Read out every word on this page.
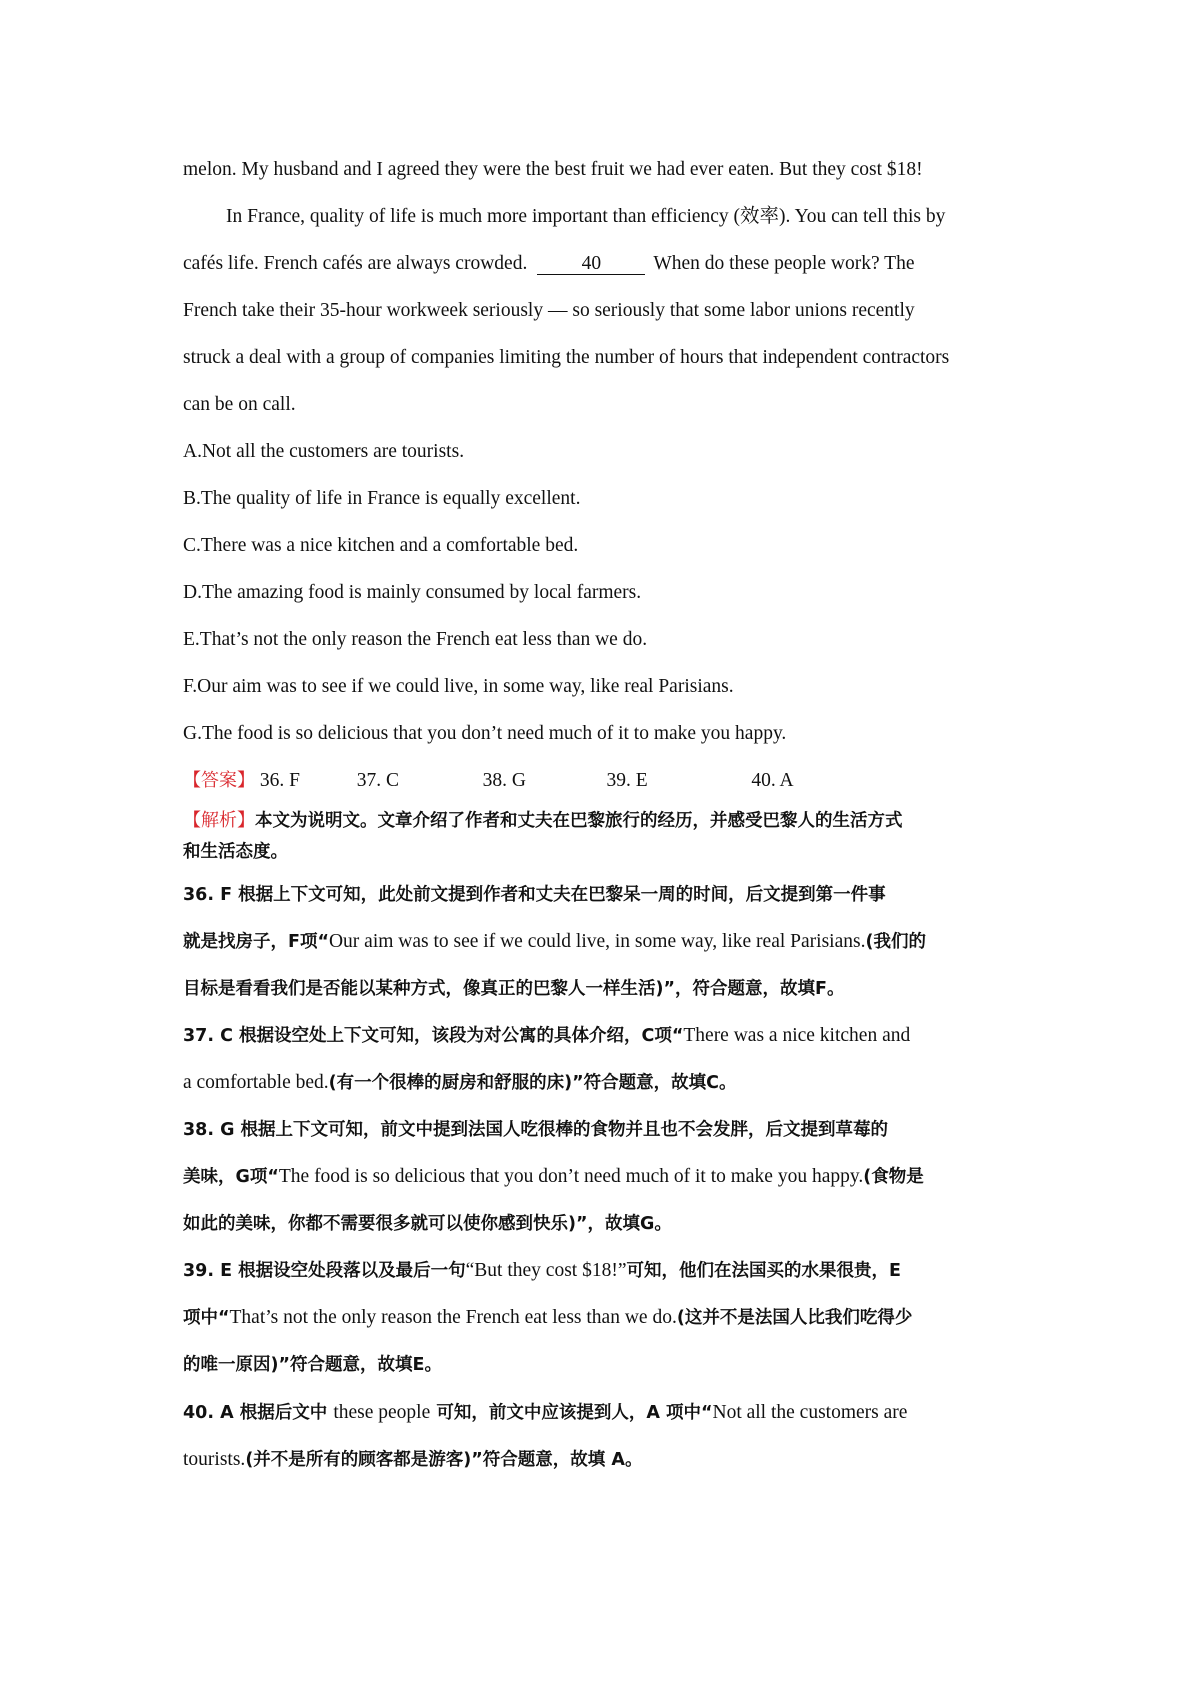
melon. My husband and I agreed they were the best fruit we had ever eaten. But they cost $18!
In France, quality of life is much more important than efficiency (效率). You can tell this by
cafés life. French cafés are always crowded.	40	When do these people work? The
French take their 35-hour workweek seriously — so seriously that some labor unions recently
struck a deal with a group of companies limiting the number of hours that independent contractors
can be on call.
A.Not all the customers are tourists.
B.The quality of life in France is equally excellent.
C.There was a nice kitchen and a comfortable bed.
D.The amazing food is mainly consumed by local farmers.
E.That’s not the only reason the French eat less than we do.
F.Our aim was to see if we could live, in some way, like real Parisians.
G.The food is so delicious that you don’t need much of it to make you happy.
【答案】 36. F	37. C	38. G	39. E	40. A
【解析】本文为说明文。文章介绍了作者和丈夫在巴黎旅行的经历，并感受巴黎人的生活方式
和生活态度。
36. F 根据上下文可知，此处前文提到作者和丈夫在巴黎呆一周的时间，后文提到第一件事
就是找房子，F项“Our aim was to see if we could live, in some way, like real Parisians.(我们的
目标是看看我们是否能以某种方式，像真正的巴黎人一样生活)”，符合题意，故填F。
37. C 根据设空处上下文可知，该段为对公寓的具体介绍，C项“There was a nice kitchen and
a comfortable bed.(有一个很棒的厨房和舒服的床)”符合题意，故填C。
38. G 根据上下文可知，前文中提到法国人吃很棒的食物并且也不会发胖，后文提到草莓的
美味，G项“The food is so delicious that you don’t need much of it to make you happy.(食物是
如此的美味，你都不需要很多就可以使你感到快乐)”，故填G。
39. E 根据设空处段落以及最后一句“But they cost $18!”可知，他们在法国买的水果很贵，E
项中“That’s not the only reason the French eat less than we do.(这并不是法国人比我们吃得少
的唯一原因)”符合题意，故填E。
40. A 根据后文中 these people 可知，前文中应该提到人，A 项中“Not all the customers are
tourists.(并不是所有的顾客都是游客)”符合题意，故填 A。
